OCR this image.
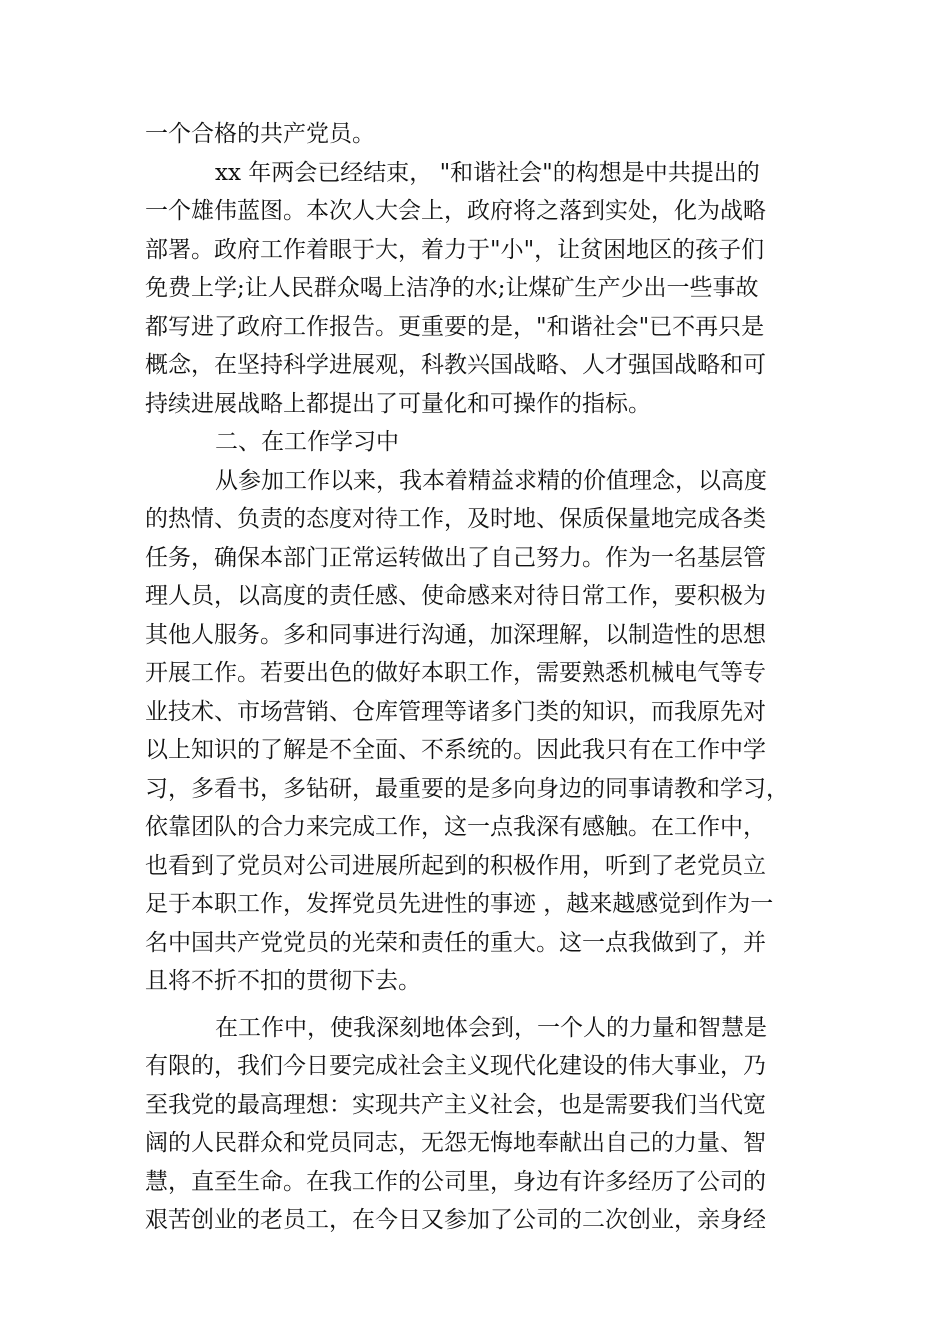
一个合格的共产党员。
xx 年两会已经结束， "和谐社会"的构想是中共提出的
一个雄伟蓝图。本次人大会上，政府将之落到实处，化为战略
部署。政府工作着眼于大，着力于"小"，让贫困地区的孩子们
免费上学;让人民群众喝上洁净的水;让煤矿生产少出一些事故
都写进了政府工作报告。更重要的是，"和谐社会"已不再只是
概念，在坚持科学进展观，科教兴国战略、人才强国战略和可
持续进展战略上都提出了可量化和可操作的指标。
二、在工作学习中
从参加工作以来，我本着精益求精的价值理念，以高度
的热情、负责的态度对待工作，及时地、保质保量地完成各类
任务，确保本部门正常运转做出了自己努力。作为一名基层管
理人员，以高度的责任感、使命感来对待日常工作，要积极为
其他人服务。多和同事进行沟通，加深理解，以制造性的思想
开展工作。若要出色的做好本职工作，需要熟悉机械电气等专
业技术、市场营销、仓库管理等诸多门类的知识，而我原先对
以上知识的了解是不全面、不系统的。因此我只有在工作中学
习，多看书，多钻研，最重要的是多向身边的同事请教和学习，
依靠团队的合力来完成工作，这一点我深有感触。在工作中，
也看到了党员对公司进展所起到的积极作用，听到了老党员立
足于本职工作，发挥党员先进性的事迹 ，越来越感觉到作为一
名中国共产党党员的光荣和责任的重大。这一点我做到了，并
且将不折不扣的贯彻下去。
在工作中，使我深刻地体会到，一个人的力量和智慧是
有限的，我们今日要完成社会主义现代化建设的伟大事业，乃
至我党的最高理想：实现共产主义社会，也是需要我们当代宽
阔的人民群众和党员同志，无怨无悔地奉献出自己的力量、智
慧，直至生命。在我工作的公司里，身边有许多经历了公司的
艰苦创业的老员工，在今日又参加了公司的二次创业，亲身经
